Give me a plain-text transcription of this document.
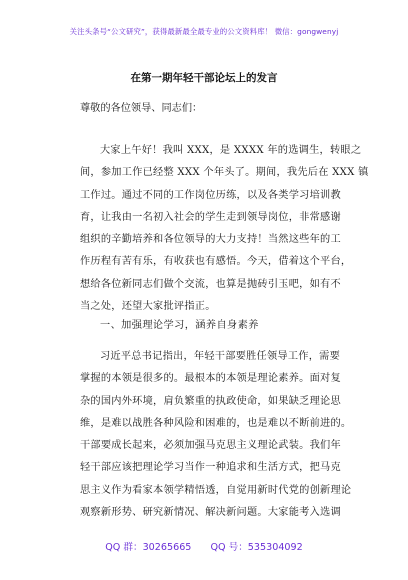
关注头条号“公文研究”，获得最新最全最专业的公文资料库！ 微信：gongwenyj
在第一期年轻干部论坛上的发言
尊敬的各位领导、同志们：
大家上午好！我叫 XXX，是 XXXX 年的选调生，转眼之
间，参加工作已经整 XXX 个年头了。期间，我先后在 XXX 镇
工作过。通过不同的工作岗位历练，以及各类学习培训教
育，让我由一名初入社会的学生走到领导岗位，非常感谢
组织的辛勤培养和各位领导的大力支持！当然这些年的工
作历程有苦有乐，有收获也有感悟。今天，借着这个平台，
想给各位新同志们做个交流，也算是抛砖引玉吧，如有不
当之处，还望大家批评指正。
一、加强理论学习，涵养自身素养
习近平总书记指出，年轻干部要胜任领导工作，需要
掌握的本领是很多的。最根本的本领是理论素养。面对复
杂的国内外环境，肩负繁重的执政使命，如果缺乏理论思
维，是难以战胜各种风险和困难的，也是难以不断前进的。
干部要成长起来，必须加强马克思主义理论武装。我们年
轻干部应该把理论学习当作一种追求和生活方式，把马克
思主义作为看家本领学精悟透，自觉用新时代党的创新理论
观察新形势、研究新情况、解决新问题。大家能考入选调
QQ 群：30265665 QQ 号：535304092
